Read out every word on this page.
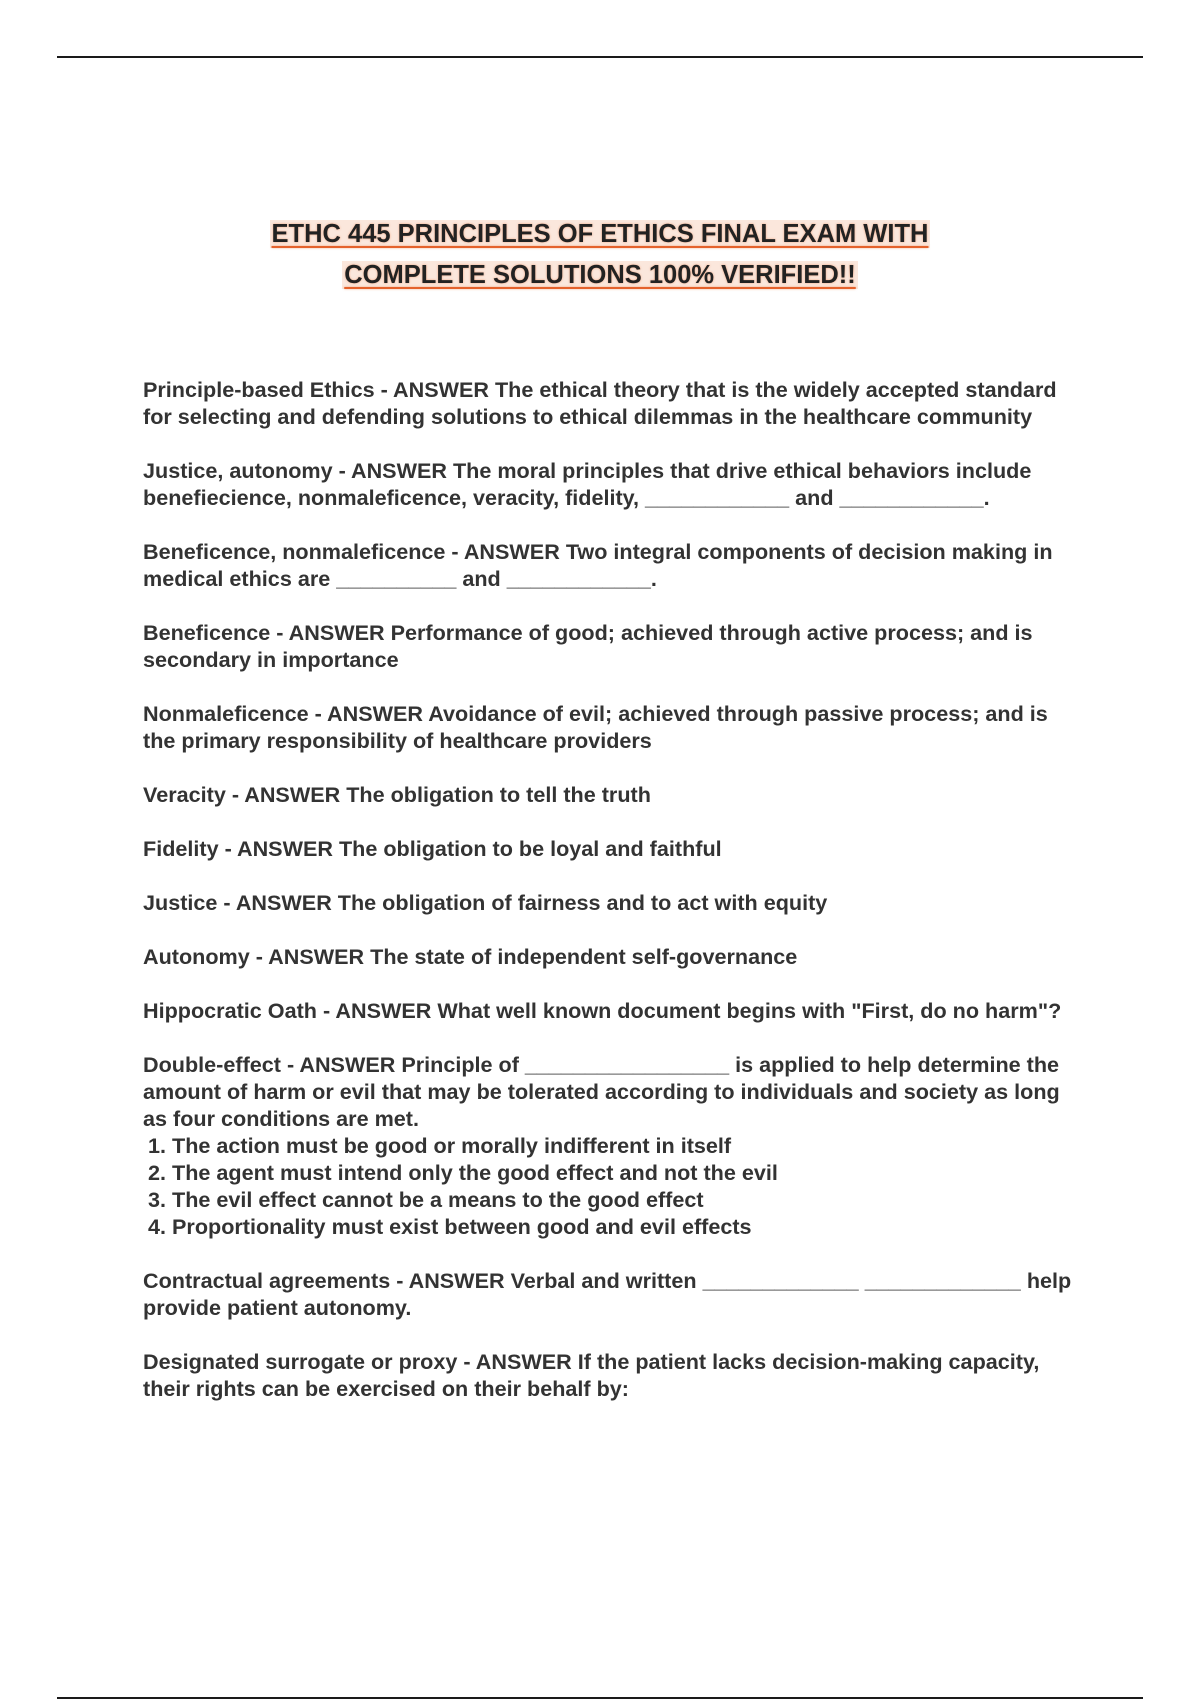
ETHC 445 PRINCIPLES OF ETHICS FINAL EXAM WITH
COMPLETE SOLUTIONS 100% VERIFIED!!
Principle-based Ethics - ANSWER The ethical theory that is the widely accepted standard for selecting and defending solutions to ethical dilemmas in the healthcare community
Justice, autonomy - ANSWER The moral principles that drive ethical behaviors include benefiecience, nonmaleficence, veracity, fidelity, ____________ and ____________.
Beneficence, nonmaleficence - ANSWER Two integral components of decision making in medical ethics are __________ and ____________.
Beneficence - ANSWER Performance of good; achieved through active process; and is secondary in importance
Nonmaleficence - ANSWER Avoidance of evil; achieved through passive process; and is the primary responsibility of healthcare providers
Veracity - ANSWER The obligation to tell the truth
Fidelity - ANSWER The obligation to be loyal and faithful
Justice - ANSWER The obligation of fairness and to act with equity
Autonomy - ANSWER The state of independent self-governance
Hippocratic Oath - ANSWER What well known document begins with "First, do no harm"?
Double-effect - ANSWER Principle of _________________ is applied to help determine the amount of harm or evil that may be tolerated according to individuals and society as long as four conditions are met.
1. The action must be good or morally indifferent in itself
2. The agent must intend only the good effect and not the evil
3. The evil effect cannot be a means to the good effect
4. Proportionality must exist between good and evil effects
Contractual agreements - ANSWER Verbal and written _____________ _____________ help provide patient autonomy.
Designated surrogate or proxy - ANSWER If the patient lacks decision-making capacity, their rights can be exercised on their behalf by:
